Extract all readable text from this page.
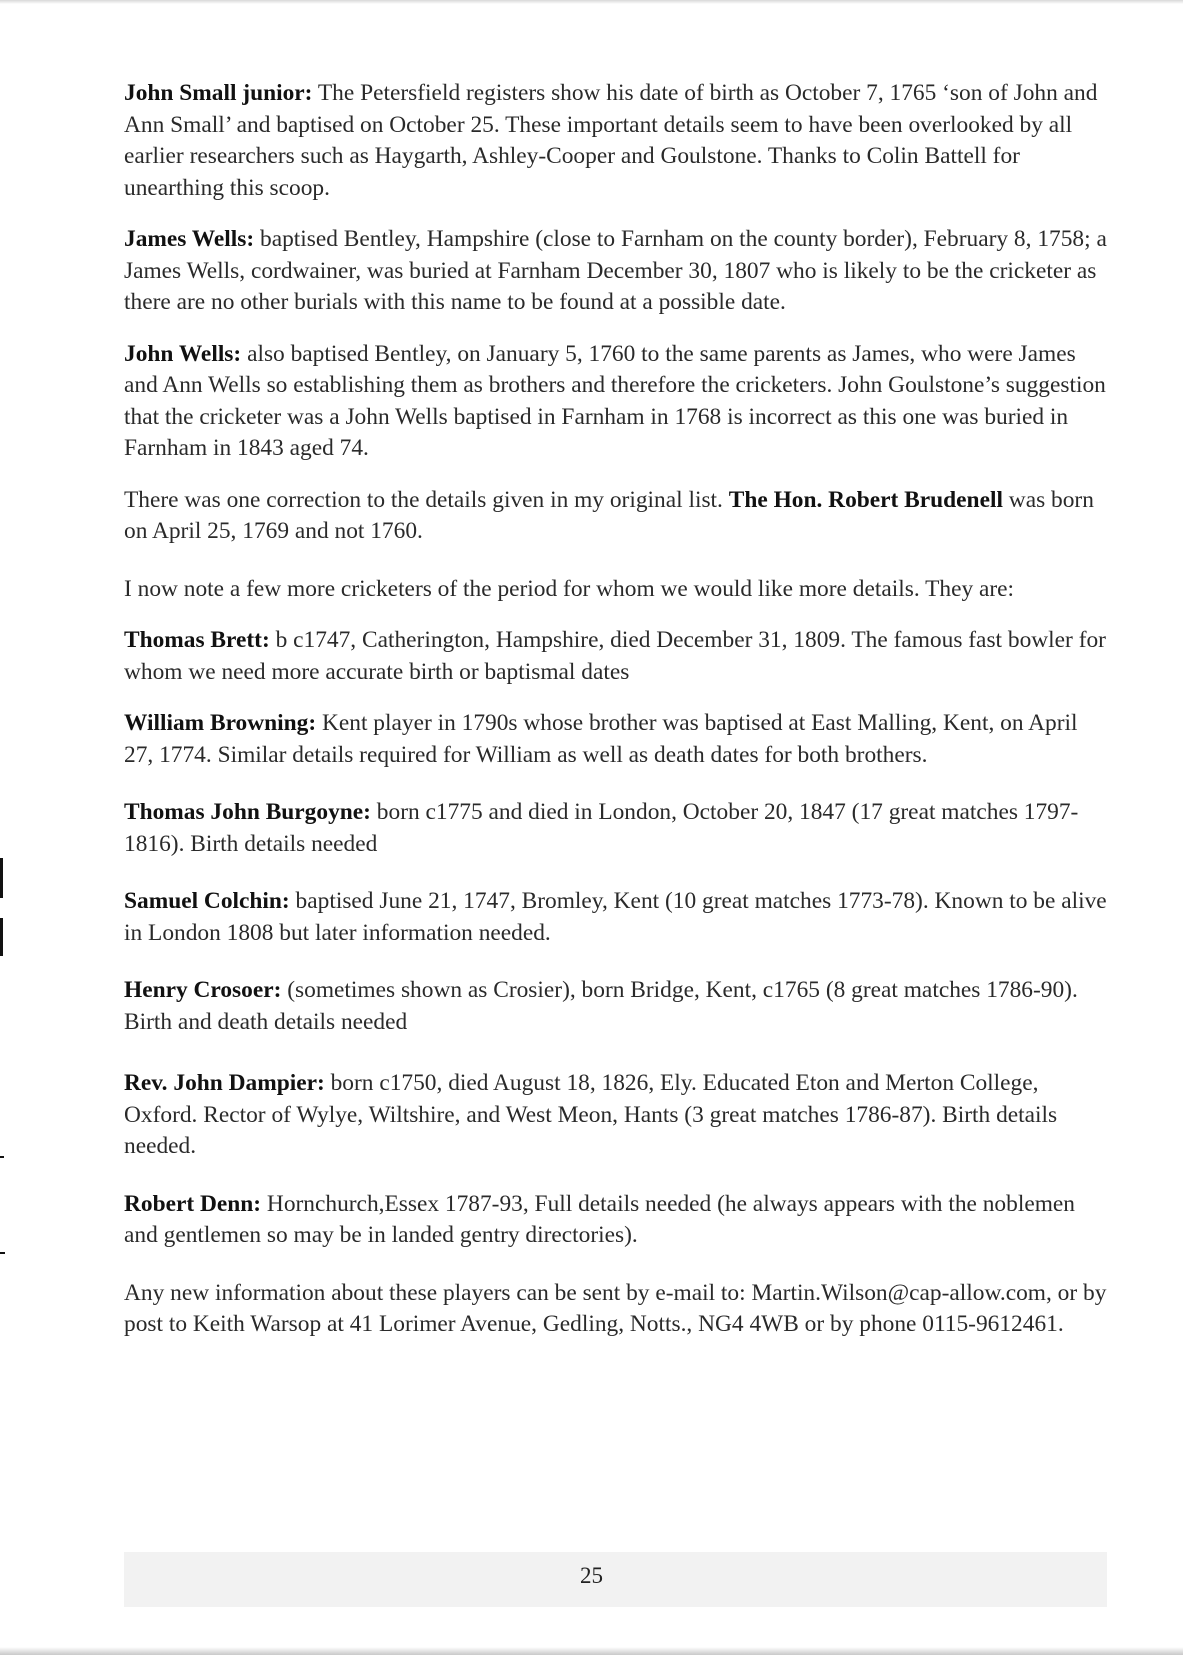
John Small junior: The Petersfield registers show his date of birth as October 7, 1765 ‘son of John and Ann Small’ and baptised on October 25. These important details seem to have been overlooked by all earlier researchers such as Haygarth, Ashley-Cooper and Goulstone. Thanks to Colin Battell for unearthing this scoop.

James Wells: baptised Bentley, Hampshire (close to Farnham on the county border), February 8, 1758; a James Wells, cordwainer, was buried at Farnham December 30, 1807 who is likely to be the cricketer as there are no other burials with this name to be found at a possible date.

John Wells: also baptised Bentley, on January 5, 1760 to the same parents as James, who were James and Ann Wells so establishing them as brothers and therefore the cricketers. John Goulstone’s suggestion that the cricketer was a John Wells baptised in Farnham in 1768 is incorrect as this one was buried in Farnham in 1843 aged 74.

There was one correction to the details given in my original list. The Hon. Robert Brudenell was born on April 25, 1769 and not 1760.

I now note a few more cricketers of the period for whom we would like more details. They are:

Thomas Brett: b c1747, Catherington, Hampshire, died December 31, 1809. The famous fast bowler for whom we need more accurate birth or baptismal dates

William Browning: Kent player in 1790s whose brother was baptised at East Malling, Kent, on April 27, 1774. Similar details required for William as well as death dates for both brothers.

Thomas John Burgoyne: born c1775 and died in London, October 20, 1847 (17 great matches 1797-1816). Birth details needed

Samuel Colchin: baptised June 21, 1747, Bromley, Kent (10 great matches 1773-78). Known to be alive in London 1808 but later information needed.

Henry Crosoer: (sometimes shown as Crosier), born Bridge, Kent, c1765 (8 great matches 1786-90). Birth and death details needed

Rev. John Dampier: born c1750, died August 18, 1826, Ely. Educated Eton and Merton College, Oxford. Rector of Wylye, Wiltshire, and West Meon, Hants (3 great matches 1786-87). Birth details needed.

Robert Denn: Hornchurch,Essex 1787-93, Full details needed (he always appears with the noblemen and gentlemen so may be in landed gentry directories).

Any new information about these players can be sent by e-mail to: Martin.Wilson@cap-allow.com, or by post to Keith Warsop at 41 Lorimer Avenue, Gedling, Notts., NG4 4WB or by phone 0115-9612461.

25
